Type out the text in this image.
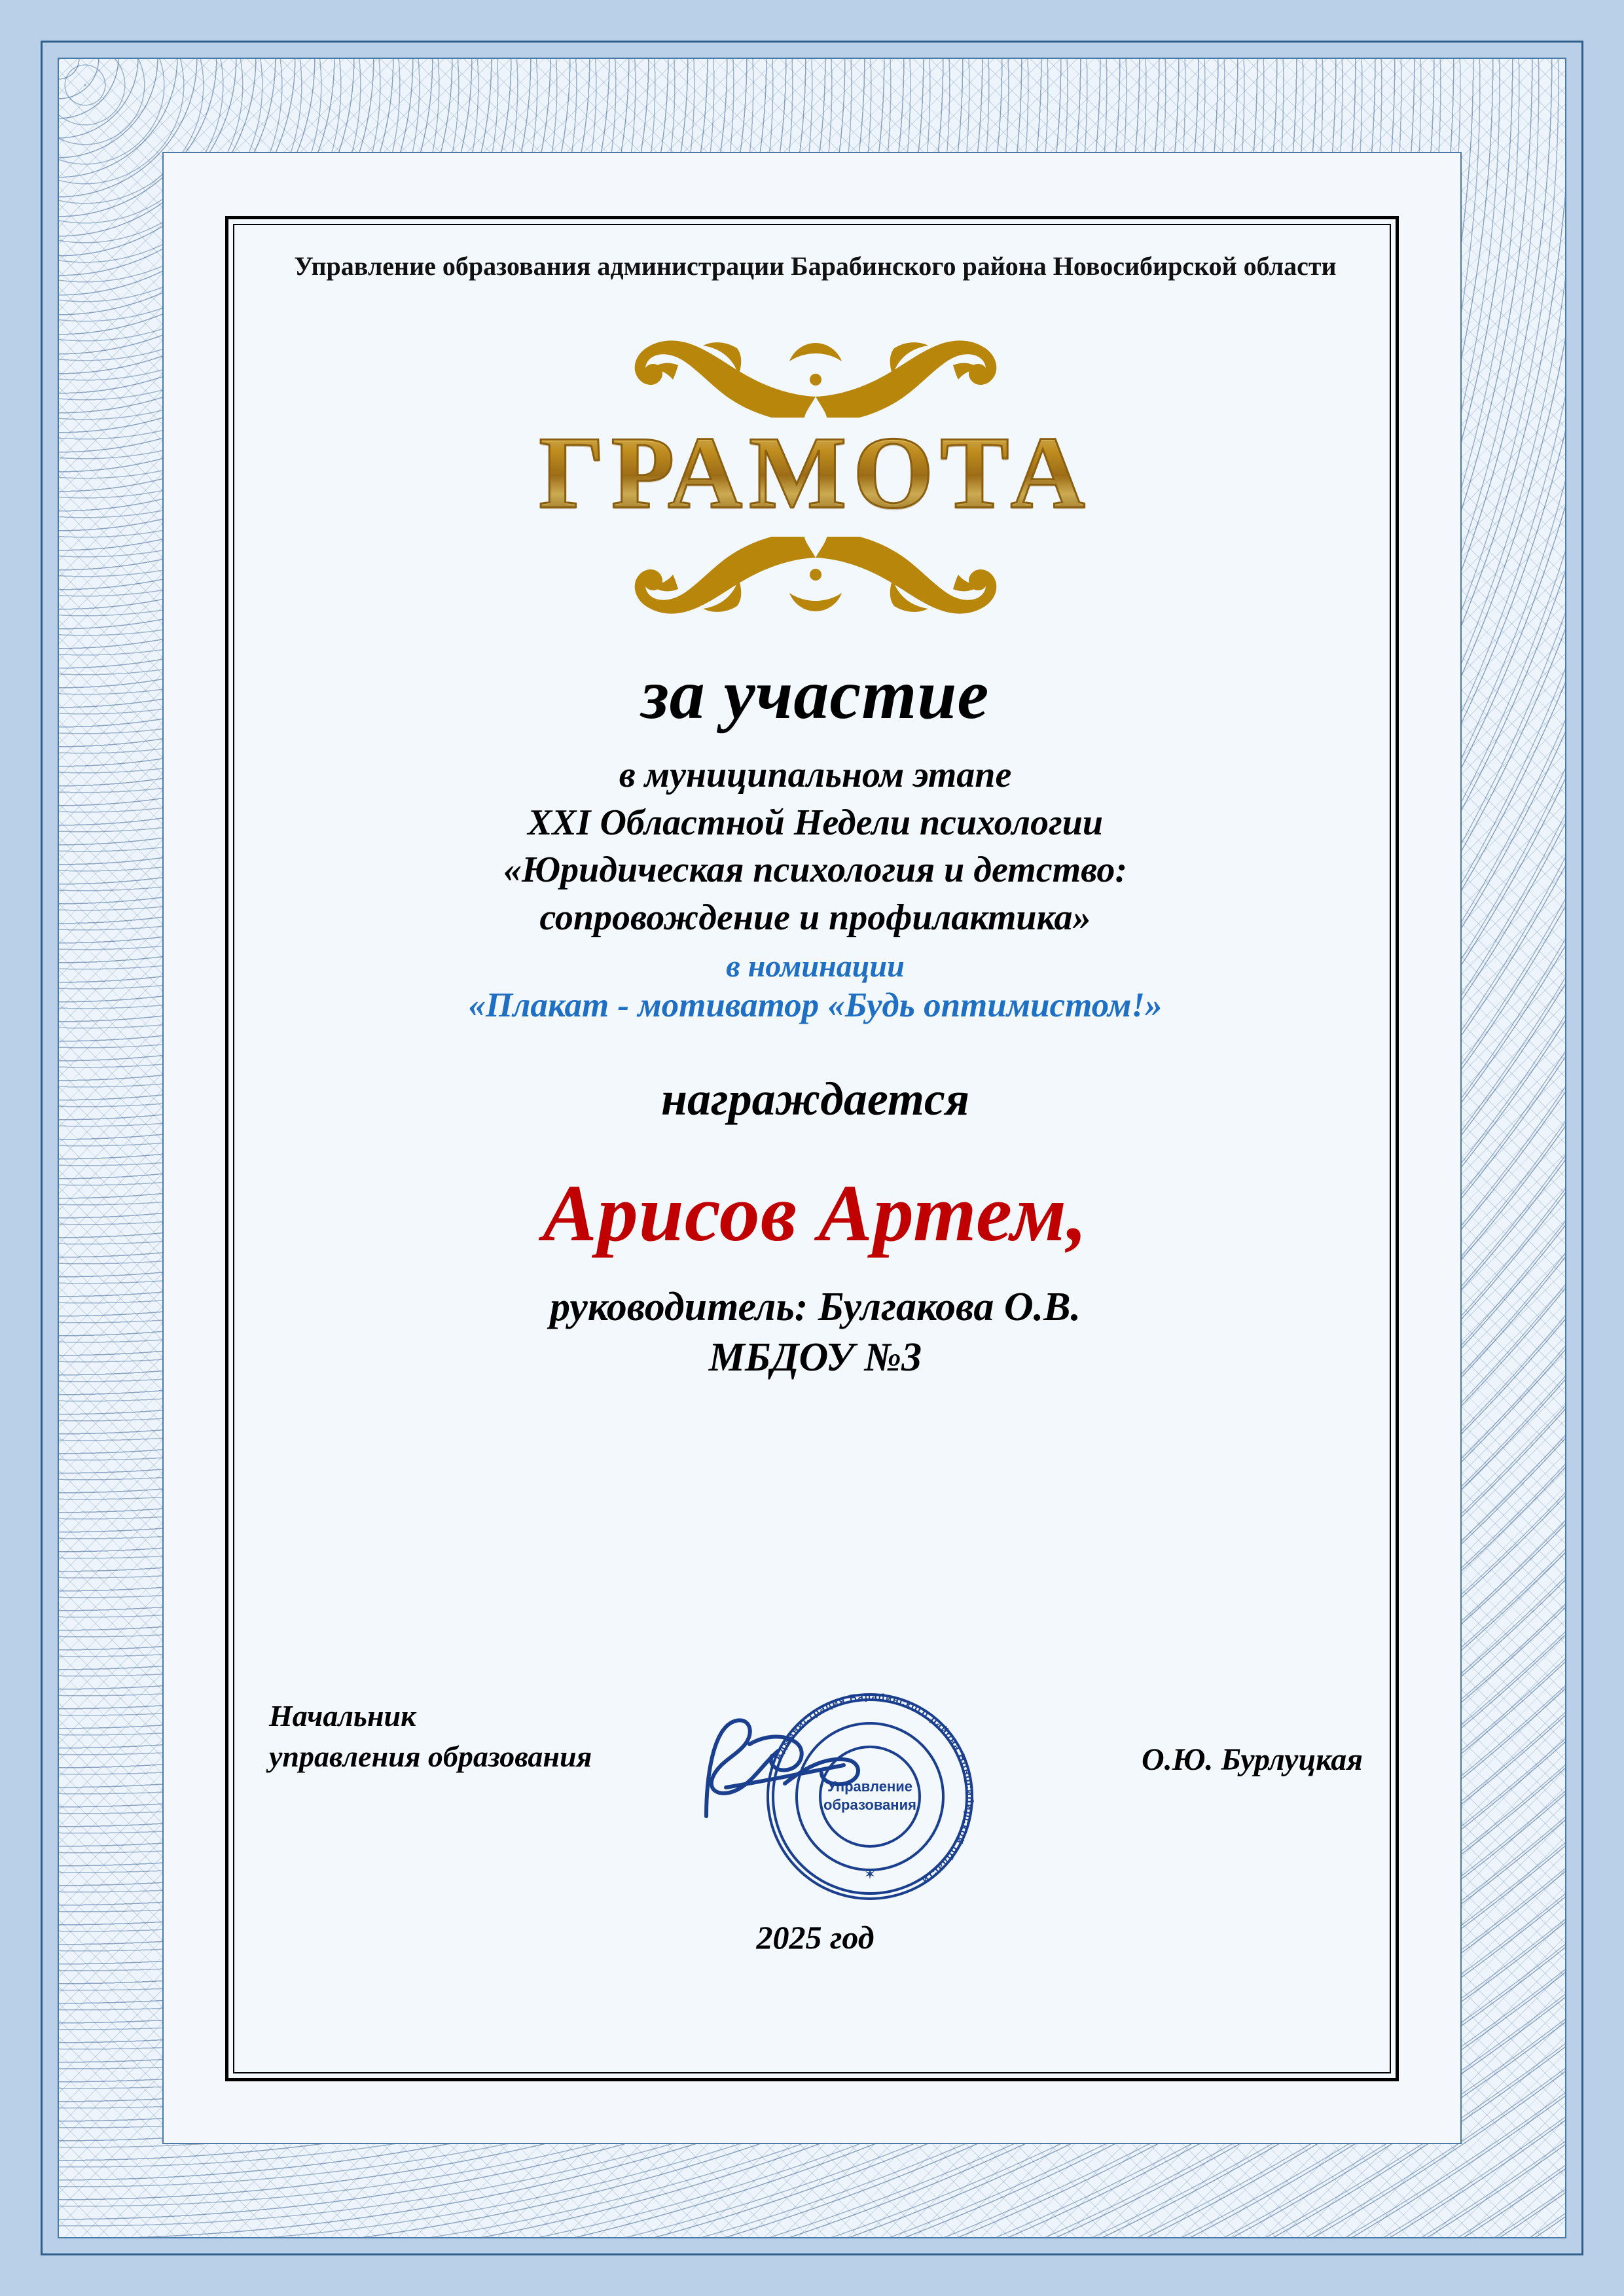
Управление образования администрации Барабинского района Новосибирской области
ГРАМОТА
за участие
в муниципальном этапе
XXI Областной Недели психологии
«Юридическая психология и детство:
сопровождение и профилактика»
в номинации
«Плакат - мотиватор «Будь оптимистом!»
награждается
Арисов Артем,
руководитель: Булгакова О.В.
МБДОУ №3
Начальник
управления образования	Администрация Барабинского района Новосибирской области
Управление
образования
✶
О.Ю. Бурлуцкая
2025 год
